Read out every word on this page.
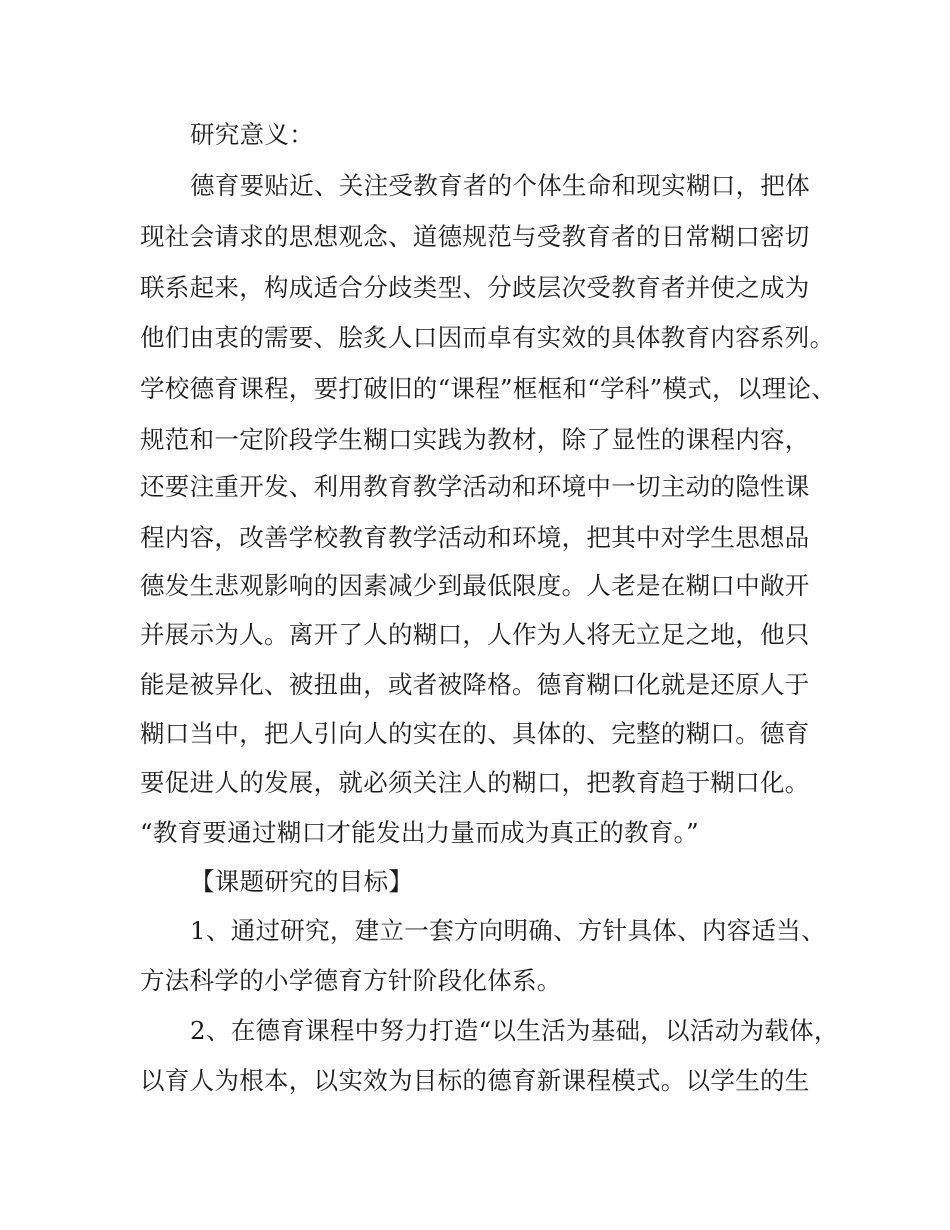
研究意义：

德育要贴近、关注受教育者的个体生命和现实糊口，把体

现社会请求的思想观念、道德规范与受教育者的日常糊口密切

联系起来，构成适合分歧类型、分歧层次受教育者并使之成为

他们由衷的需要、脍炙人口因而卓有实效的具体教育内容系列。

学校德育课程，要打破旧的“课程”框框和“学科”模式，以理论、

规范和一定阶段学生糊口实践为教材，除了显性的课程内容，

还要注重开发、利用教育教学活动和环境中一切主动的隐性课

程内容，改善学校教育教学活动和环境，把其中对学生思想品

德发生悲观影响的因素减少到最低限度。人老是在糊口中敞开

并展示为人。离开了人的糊口，人作为人将无立足之地，他只

能是被异化、被扭曲，或者被降格。德育糊口化就是还原人于

糊口当中，把人引向人的实在的、具体的、完整的糊口。德育

要促进人的发展，就必须关注人的糊口，把教育趋于糊口化。

“教育要通过糊口才能发出力量而成为真正的教育。”

【课题研究的目标】

1、通过研究，建立一套方向明确、方针具体、内容适当、

方法科学的小学德育方针阶段化体系。

2、在德育课程中努力打造“以生活为基础，以活动为载体，

以育人为根本，以实效为目标的德育新课程模式。以学生的生
